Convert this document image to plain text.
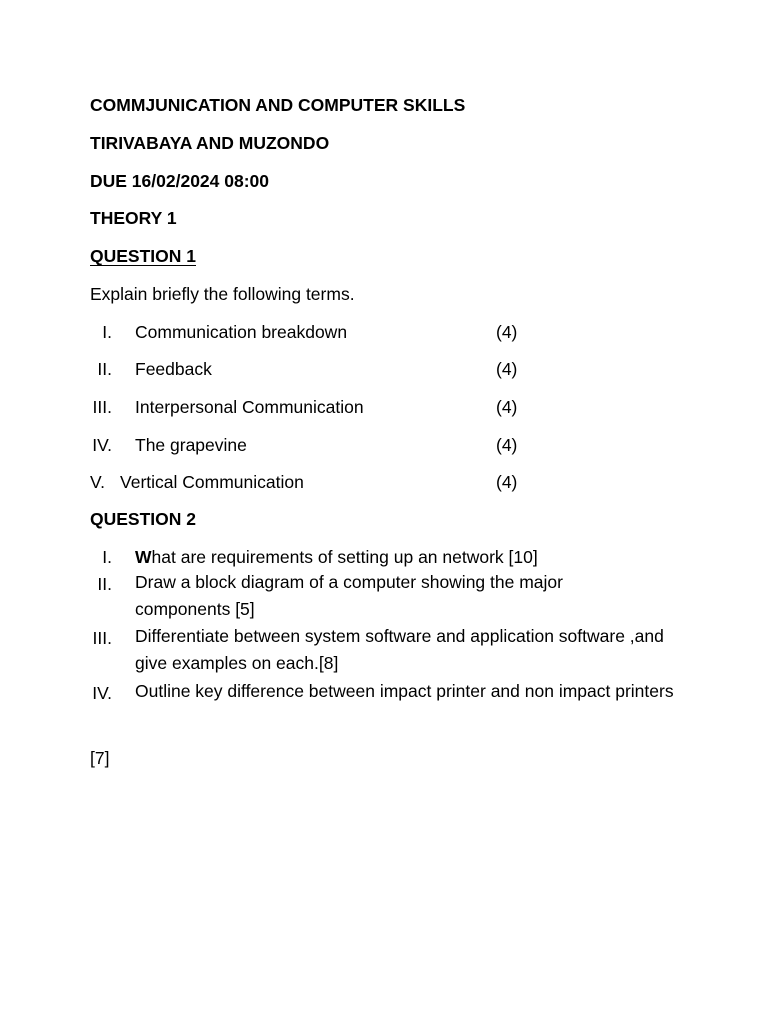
COMMJUNICATION AND COMPUTER SKILLS
TIRIVABAYA AND MUZONDO
DUE 16/02/2024 08:00
THEORY 1
QUESTION 1
Explain briefly the following terms.
I. Communication breakdown	(4)
II. Feedback	(4)
III. Interpersonal Communication	(4)
IV. The grapevine	(4)
V. Vertical Communication	(4)
QUESTION 2
I. What are requirements of setting up an network [10]
II. Draw a block diagram of a computer showing the major components [5]
III. Differentiate between system software and application software ,and give examples on each.[8]
IV. Outline key difference between impact printer and non impact printers
[7]
